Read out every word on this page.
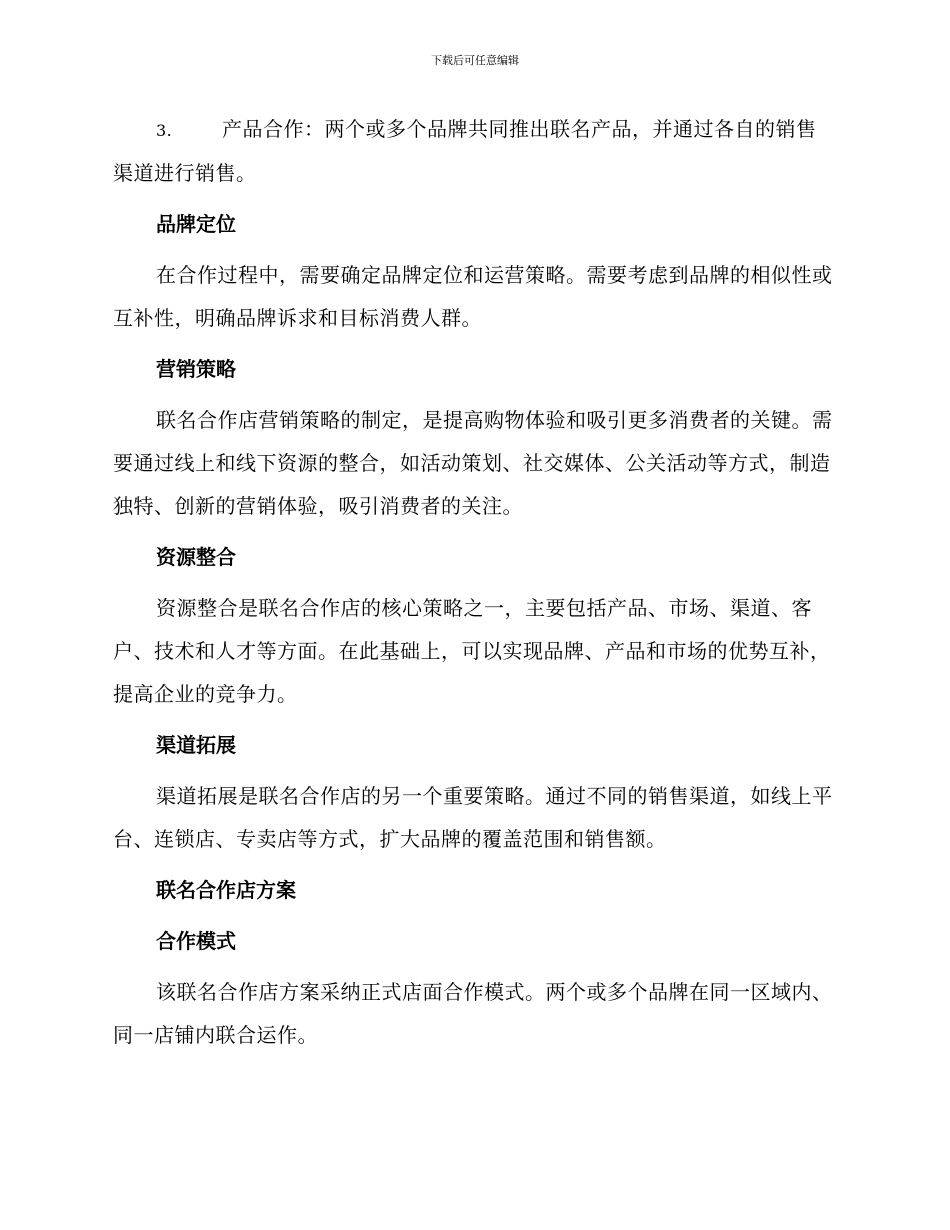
下载后可任意编辑

3. 产品合作：两个或多个品牌共同推出联名产品，并通过各自的销售渠道进行销售。

品牌定位

在合作过程中，需要确定品牌定位和运营策略。需要考虑到品牌的相似性或互补性，明确品牌诉求和目标消费人群。

营销策略

联名合作店营销策略的制定，是提高购物体验和吸引更多消费者的关键。需要通过线上和线下资源的整合，如活动策划、社交媒体、公关活动等方式，制造独特、创新的营销体验，吸引消费者的关注。

资源整合

资源整合是联名合作店的核心策略之一，主要包括产品、市场、渠道、客户、技术和人才等方面。在此基础上，可以实现品牌、产品和市场的优势互补，提高企业的竞争力。

渠道拓展

渠道拓展是联名合作店的另一个重要策略。通过不同的销售渠道，如线上平台、连锁店、专卖店等方式，扩大品牌的覆盖范围和销售额。

联名合作店方案
合作模式

该联名合作店方案采纳正式店面合作模式。两个或多个品牌在同一区域内、同一店铺内联合运作。
